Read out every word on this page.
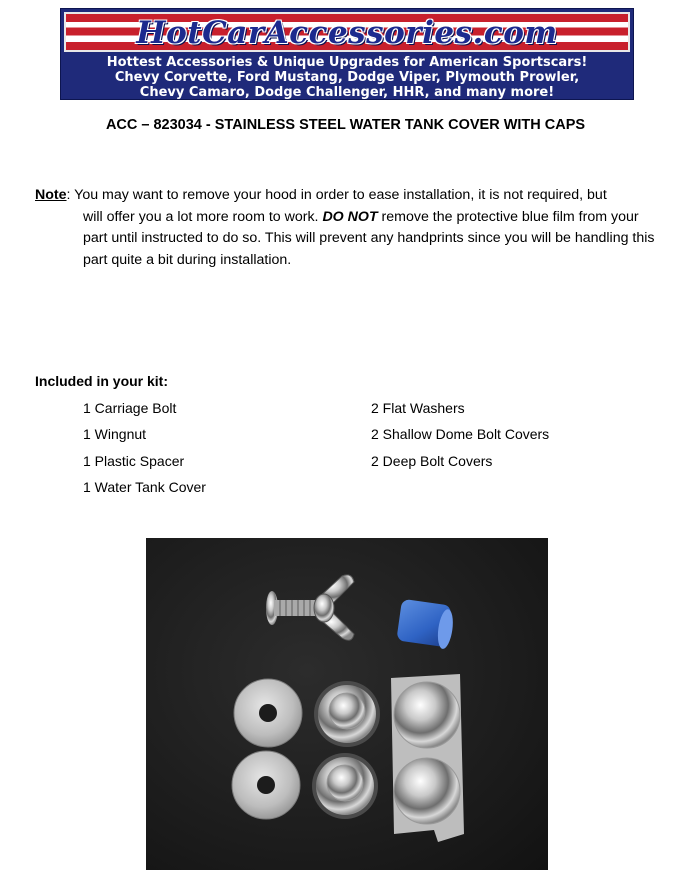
HotCarAccessories.com
Hottest Accessories & Unique Upgrades for American Sportscars!
Chevy Corvette, Ford Mustang, Dodge Viper, Plymouth Prowler,
Chevy Camaro, Dodge Challenger, HHR, and many more!
ACC – 823034 - STAINLESS STEEL WATER TANK COVER WITH CAPS
Note: You may want to remove your hood in order to ease installation, it is not required, but
will offer you a lot more room to work. DO NOT remove the protective blue film from your part until instructed to do so. This will prevent any handprints since you will be handling this part quite a bit during installation.
Included in your kit:
1 Carriage Bolt
1 Wingnut
1 Plastic Spacer
1 Water Tank Cover
2 Flat Washers
2 Shallow Dome Bolt Covers
2 Deep Bolt Covers
